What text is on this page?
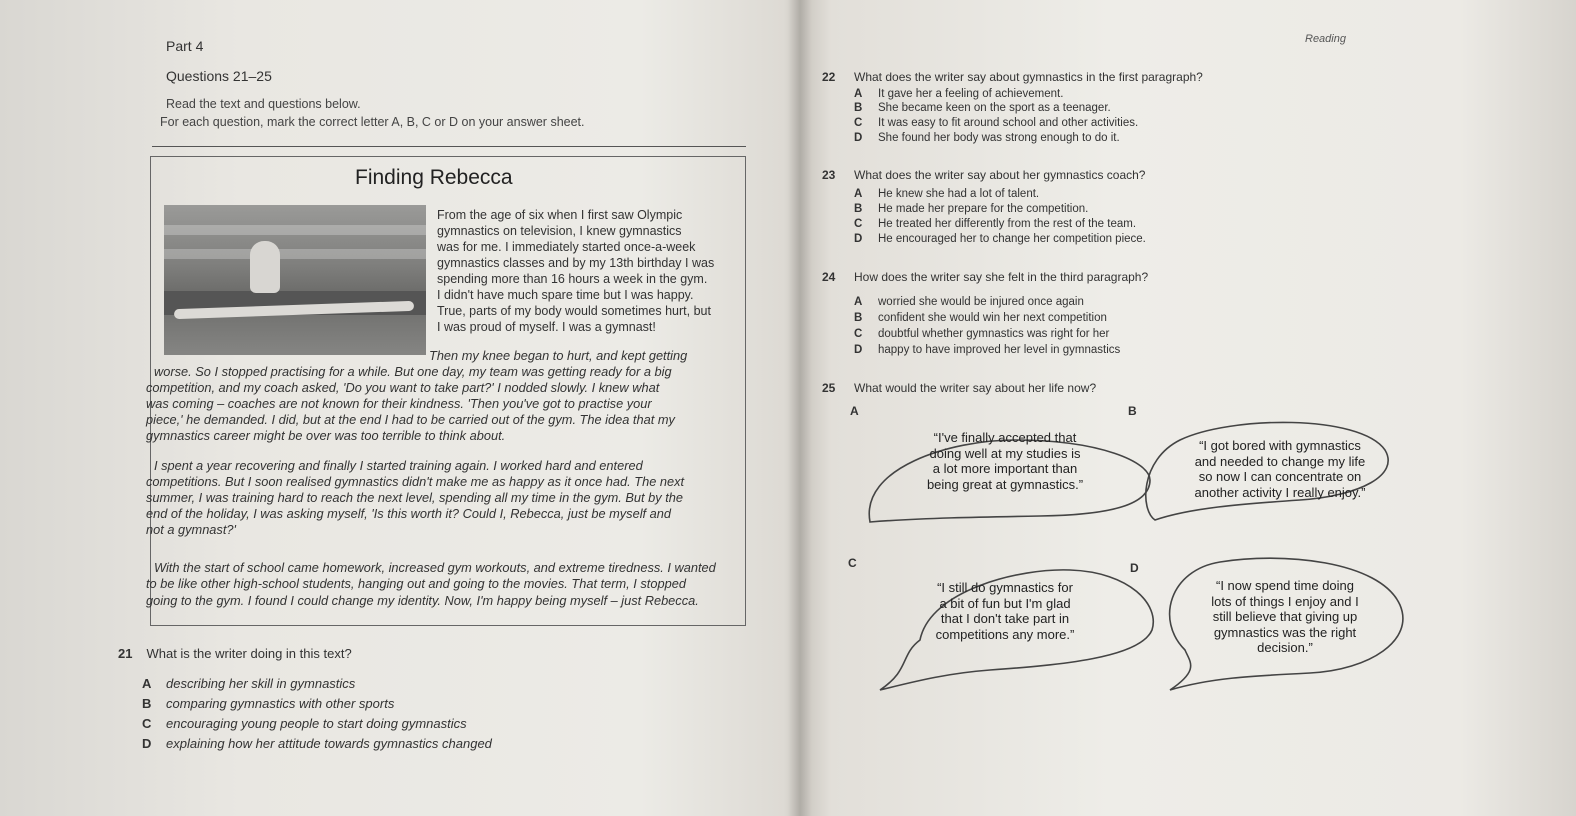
Part 4
Questions 21–25
Read the text and questions below.
For each question, mark the correct letter A, B, C or D on your answer sheet.
Finding Rebecca
From the age of six when I first saw Olympic
gymnastics on television, I knew gymnastics
was for me. I immediately started once-a-week
gymnastics classes and by my 13th birthday I was
spending more than 16 hours a week in the gym.
I didn't have much spare time but I was happy.
True, parts of my body would sometimes hurt, but
I was proud of myself. I was a gymnast!
Then my knee began to hurt, and kept getting
worse. So I stopped practising for a while. But one day, my team was getting ready for a big
competition, and my coach asked, 'Do you want to take part?' I nodded slowly. I knew what
was coming – coaches are not known for their kindness. 'Then you've got to practise your
piece,' he demanded. I did, but at the end I had to be carried out of the gym. The idea that my
gymnastics career might be over was too terrible to think about.
I spent a year recovering and finally I started training again. I worked hard and entered
competitions. But I soon realised gymnastics didn't make me as happy as it once had. The next
summer, I was training hard to reach the next level, spending all my time in the gym. But by the
end of the holiday, I was asking myself, 'Is this worth it? Could I, Rebecca, just be myself and
not a gymnast?'
With the start of school came homework, increased gym workouts, and extreme tiredness. I wanted
to be like other high-school students, hanging out and going to the movies. That term, I stopped
going to the gym. I found I could change my identity. Now, I'm happy being myself – just Rebecca.
21 What is the writer doing in this text?
A describing her skill in gymnastics
B comparing gymnastics with other sports
C encouraging young people to start doing gymnastics
D explaining how her attitude towards gymnastics changed
Reading
22 What does the writer say about gymnastics in the first paragraph?
A It gave her a feeling of achievement.
B She became keen on the sport as a teenager.
C It was easy to fit around school and other activities.
D She found her body was strong enough to do it.
23 What does the writer say about her gymnastics coach?
A He knew she had a lot of talent.
B He made her prepare for the competition.
C He treated her differently from the rest of the team.
D He encouraged her to change her competition piece.
24 How does the writer say she felt in the third paragraph?
A worried she would be injured once again
B confident she would win her next competition
C doubtful whether gymnastics was right for her
D happy to have improved her level in gymnastics
25 What would the writer say about her life now?
A	B
C	D
“I've finally accepted that
doing well at my studies is
a lot more important than
being great at gymnastics.”
“I got bored with gymnastics
and needed to change my life
so now I can concentrate on
another activity I really enjoy.”
“I still do gymnastics for
a bit of fun but I'm glad
that I don't take part in
competitions any more.”
“I now spend time doing
lots of things I enjoy and I
still believe that giving up
gymnastics was the right
decision.”
